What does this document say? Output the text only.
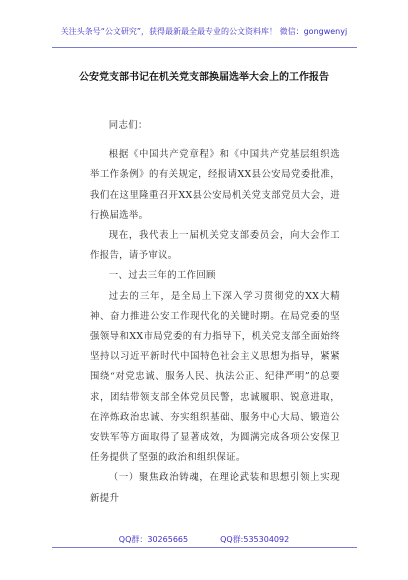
关注头条号“公文研究”，获得最新最全最专业的公文资料库！ 微信：gongwenyj
公安党支部书记在机关党支部换届选举大会上的工作报告

同志们：

根据《中国共产党章程》和《中国共产党基层组织选举工作条例》的有关规定，经报请XX县公安局党委批准，我们在这里隆重召开XX县公安局机关党支部党员大会，进行换届选举。

现在，我代表上一届机关党支部委员会，向大会作工作报告，请予审议。

一、过去三年的工作回顾

过去的三年，是全局上下深入学习贯彻党的XX大精神、奋力推进公安工作现代化的关键时期。在局党委的坚强领导和XX市局党委的有力指导下，机关党支部全面始终坚持以习近平新时代中国特色社会主义思想为指导，紧紧围绕“对党忠诚、服务人民、执法公正、纪律严明”的总要求，团结带领支部全体党员民警，忠诚履职、锐意进取，在淬炼政治忠诚、夯实组织基础、服务中心大局、锻造公安铁军等方面取得了显著成效，为圆满完成各项公安保卫任务提供了坚强的政治和组织保证。

（一）聚焦政治铸魂，在理论武装和思想引领上实现新提升

QQ群：30265665	QQ群:535304092
